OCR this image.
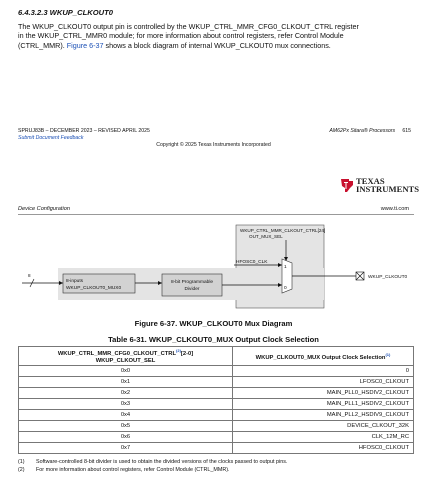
6.4.3.2.3 WKUP_CLKOUT0
The WKUP_CLKOUT0 output pin is controlled by the WKUP_CTRL_MMR_CFG0_CLKOUT_CTRL register
in the WKUP_CTRL_MMR0 module; for more information about control registers, refer Control Module
(CTRL_MMR). Figure 6-37 shows a block diagram of internal WKUP_CLKOUT0 mux connections.
SPRUJ83B – DECEMBER 2023 – REVISED APRIL 2025
Submit Document Feedback
AM62Px Sitara® Processors 615
Copyright © 2025 Texas Instruments Incorporated
TEXAS
INSTRUMENTS
Device Configuration	www.ti.com
WKUP_CTRL_MMR_CLKOUT_CTRL[24]
OUT_MUX_SEL
8
8-inputs
WKUP_CLKOUT0_MUX0
8-bit Programmable
Divider
HFOSC0_CLK
1
0
WKUP_CLKOUT0
Figure 6-37. WKUP_CLKOUT0 Mux Diagram
Table 6-31. WKUP_CLKOUT0_MUX Output Clock Selection
WKUP_CTRL_MMR_CFG0_CLKOUT_CTRL$^{(2)}$[2-0]
WKUP_CLKOUT_SEL	WKUP_CLKOUT0_MUX Output Clock Selection$^{(1)}$
0x0	0
0x1	LFOSC0_CLKOUT
0x2	MAIN_PLL0_HSDIV2_CLKOUT
0x3	MAIN_PLL1_HSDIV2_CLKOUT
0x4	MAIN_PLL2_HSDIV9_CLKOUT
0x5	DEVICE_CLKOUT_32K
0x6	CLK_12M_RC
0x7	HFOSC0_CLKOUT
(1) Software-controlled 8-bit divider is used to obtain the divided versions of the clocks passed to output pins.
(2) For more information about control registers, refer Control Module (CTRL_MMR).
